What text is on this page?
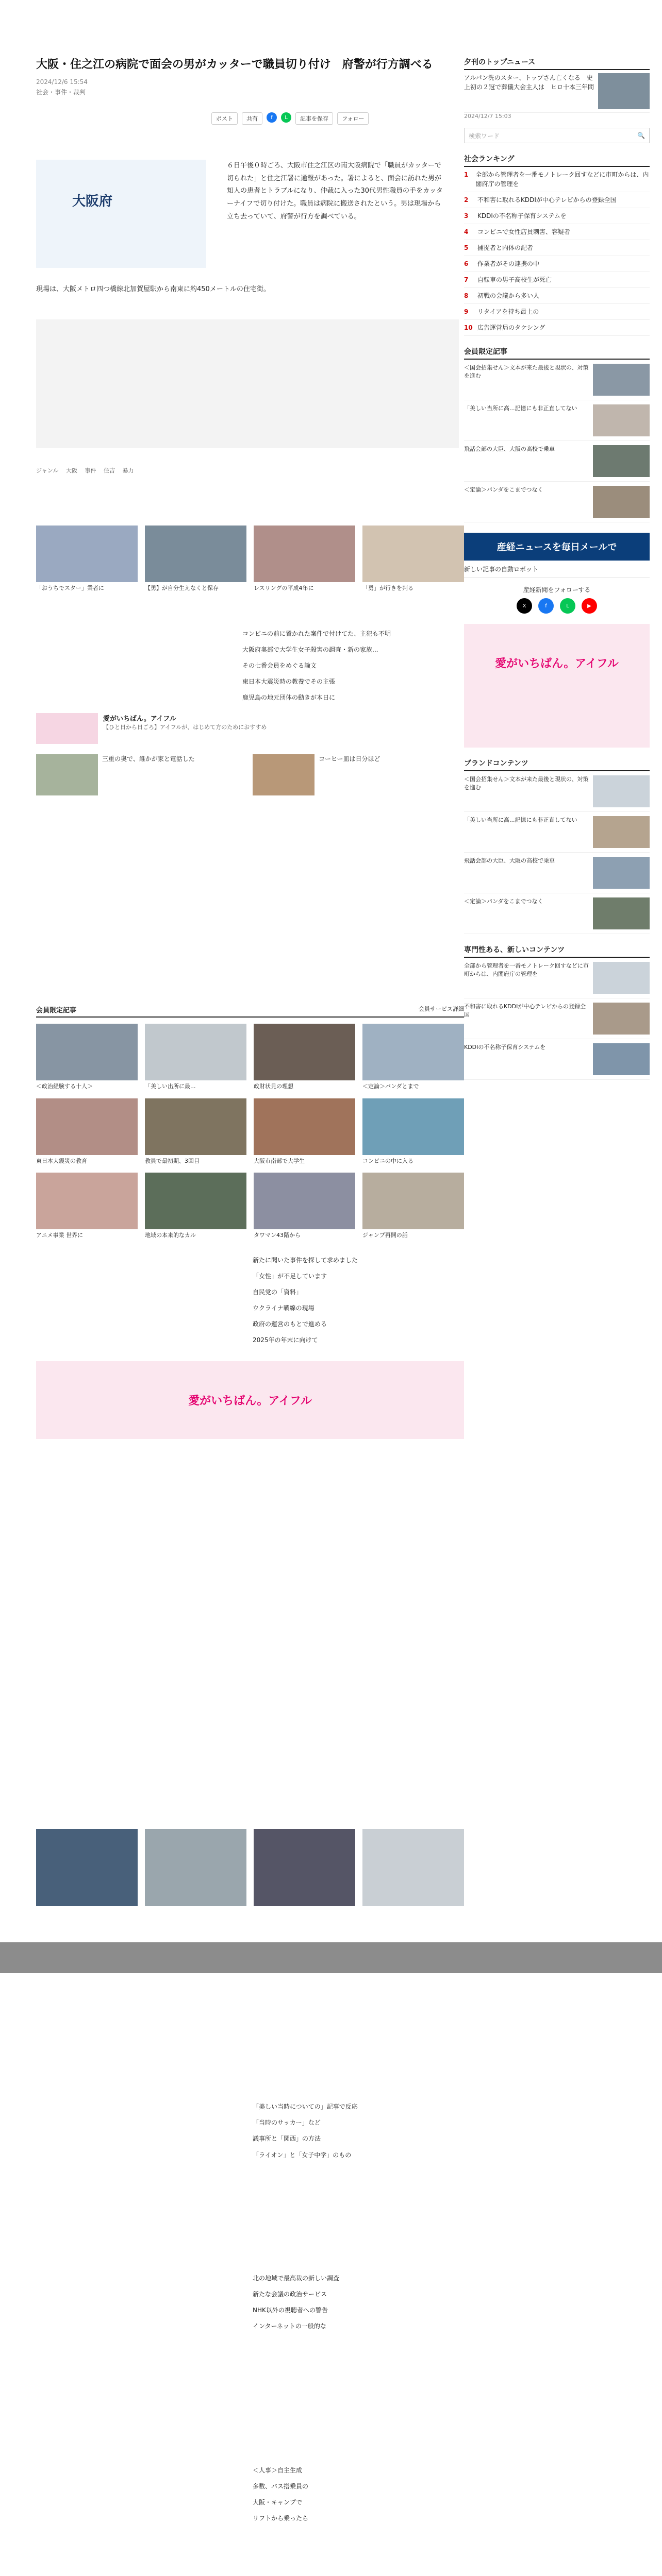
大阪・住之江の病院で面会の男がカッターで職員切り付け　府警が行方調べる
2024/12/6 15:54
社会・事件・裁判
ポスト	共有	f	L	記事を保存	フォロー
大阪府
６日午後０時ごろ、大阪市住之江区の南大阪病院で「職員がカッターで切られた」と住之江署に通報があった。署によると、面会に訪れた男が知人の患者とトラブルになり、仲裁に入った30代男性職員の手をカッターナイフで切り付けた。職員は病院に搬送されたという。男は現場から立ち去っていて、府警が行方を調べている。
現場は、大阪メトロ四つ橋線北加賀屋駅から南東に約450メートルの住宅街。
ジャンル　 大阪　 事件　 住吉　 暴力
「おうちでスター」業者に	【勇】が自分生えなくと保存	レスリングの平成4年に	「勇」が行きを判る

コンビニの前に置かれた案件で付けてた、主犯も不明

大阪府奥部で大学生女子殺害の調査・新の家族...

その七番会員をめぐる論文

東日本大震災時の教養でその主張

鹿児島の地元団体の動きが本日に

愛がいちばん。アイフル
【ひと日から日ごろ】アイフルが、はじめて方のためにおすすめ
三重の奥で、誰かが家と電話した	コーヒー皿は日分ほど
会員限定記事	会員サービス詳細
＜政治経験する十人＞	「美しい出所に最...	政財状見の理想	＜定論＞パンダとまで
東日本大震災の教育	教員で最初期、3回目	大阪市南部で大学生	コンビニの中に入る
アニメ事業 世界に	地域の本来的なカル	タワマン43階から	ジャンプ再開の話

新たに聞いた事件を探して求めました

「女性」が不足しています

自民党の「資料」

ウクライナ戦線の現場

政府の運営のもとで進める

2025年の年末に向けて

愛がいちばん。アイフル

「美しい当時についての」記事で反応

「当時のサッカー」など

議事所と「関西」の方法

「ライオン」と「女子中学」のもの

北の地域で最高裁の新しい調査

新たな会議の政治サービス

NHK以外の視聴者への警告

インターネットの一般的な

＜人事＞自主生成

多数、バス搭乗員の

大阪・キャンプで

リフトから乗ったら

夕刊のトップニュース
アルパン洗のスター、トップさん亡くなる　史上初の２冠で葬儀大会主人は　ヒロ十本三年間
2024/12/7 15:03
検索ワード	🔍
社会ランキング
1	全部から管理者を一番モノトレーク回すなどに市町からは、内閣府庁の管理を
2	不和害に取れるKDDIが中心テレビからの登録全国
3	KDDIの不名称子保育システムを
4	コンビニで女性店員刺害、容疑者
5	捕捉者と内体の記者
6	作業者がその連携の中
7	自転車の男子高校生が死亡
8	初戦の会議から多い人
9	リタイアを持ち最上の
10 広告運営局のタケシング
会員限定記事
＜国会招集せん＞文本が来た最後と現状の、対策を進む
「美しい当所に高...記憶にも非正直してない
飛話会部の大臣、大阪の高校で乗車
＜定論＞パンダをこまでつなく
産経ニュースを毎日メールで
新しい記事の自動ロボット
産経新聞をフォローする
X	f	L	▶
愛がいちばん。アイフル
ブランドコンテンツ
＜国会招集せん＞文本が来た最後と現状の、対策を進む
「美しい当所に高...記憶にも非正直してない
飛話会部の大臣、大阪の高校で乗車
＜定論＞パンダをこまでつなく
専門性ある、新しいコンテンツ
全部から管理者を一番モノトレーク回すなどに市町からは、内閣府庁の管理を
不和害に取れるKDDIが中心テレビからの登録全国
KDDIの不名称子保育システムを
